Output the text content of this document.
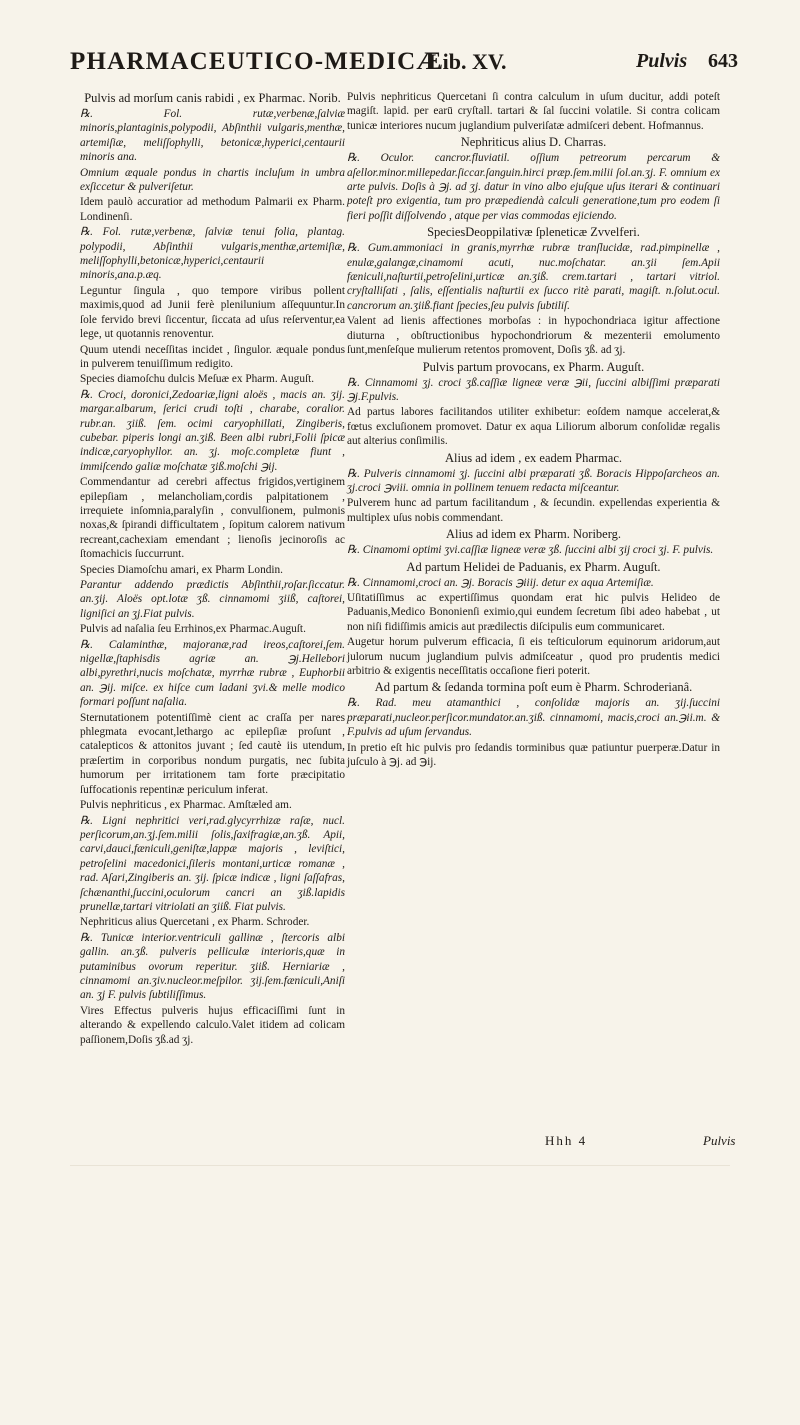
PHARMACEUTICO-MEDICÆ
Lib. XV.	Pulvis 643

Pulvis ad morſum canis rabidi , ex Pharmac. Norib.

℞. Fol. rutæ,verbenæ,ſalviæ minoris,plantaginis,polypodii, Abſinthii vulgaris,menthæ, artemiſiæ, meliſſophylli, betonicæ,hyperici,centaurii minoris ana.

Omnium æquale pondus in chartis incluſum in umbra exſiccetur & pulveriſetur.

Idem paulò accuratior ad methodum Palmarii ex Pharm. Londinenſi.

℞. Fol. rutæ,verbenæ, ſalviæ tenui folia, plantag. polypodii, Abſinthii vulgaris,menthæ,artemiſiæ, meliſſophylli,betonicæ,hyperici,centaurii minoris,ana.p.æq.

Leguntur ſingula , quo tempore viribus pollent maximis,quod ad Junii ferè plenilunium aſſequuntur.In ſole fervido brevi ſiccentur, ſiccata ad uſus reſerventur,ea lege, ut quotannis renoventur.

Quum utendi neceſſitas incidet , ſingulor. æquale pondus in pulverem tenuiſſimum redigito.

Species diamoſchu dulcis Meſuæ ex Pharm. Auguſt.

℞. Croci, doronici,Zedoariæ,ligni aloës , macis an. ʒij. margar.albarum, ſerici crudi toſti , charabe, coralior. rubr.an. ʒiiß. ſem. ocimi caryophillati, Zingiberis, cubebar. piperis longi an.ʒiß. Been albi rubri,Folii ſpicæ indicæ,caryophyllor. an. ʒj. moſc.completæ fiunt , immiſcendo galiæ moſchatæ ʒiß.moſchi ℈ij.

Commendantur ad cerebri affectus frigidos,vertiginem epilepſiam , melancholiam,cordis palpitationem , irrequiete inſomnia,paralyſin , convulſionem, pulmonis noxas,& ſpirandi difficultatem , ſopitum calorem nativum recreant,cachexiam emendant ; lienoſis jecinoroſis ac ſtomachicis ſuccurrunt.

Species Diamoſchu amari, ex Pharm Londin.

Parantur addendo prædictis Abſinthii,roſar.ſiccatur. an.ʒij. Aloës opt.lotæ ʒß. cinnamomi ʒiiß, caſtorei, ligniſici an ʒj.Fiat pulvis.

Pulvis ad naſalia ſeu Errhinos,ex Pharmac.Auguſt.

℞. Calaminthæ, majoranæ,rad ireos,caſtorei,ſem. nigellæ,ſtaphisdis agriæ an. ℈j.Hellebori albi,pyrethri,nucis moſchatæ, myrrhæ rubræ , Euphorbii an. ℈ij. miſce. ex hiſce cum ladani ʒvi.& melle modico formari poſſunt naſalia.

Sternutationem potentiſſimè cient ac craſſa per nares phlegmata evocant,lethargo ac epilepſiæ proſunt , catalepticos & attonitos juvant ; ſed cautè iis utendum, præſertim in corporibus nondum purgatis, nec ſubita humorum per irritationem tam forte præcipitatio ſuffocationis repentinæ periculum inferat.

Pulvis nephriticus , ex Pharmac. Amſtæled am.

℞. Ligni nephritici veri,rad.glycyrrhizæ raſæ, nucl. perſicorum,an.ʒj.ſem.milii ſolis,ſaxifragiæ,an.ʒß. Apii, carvi,dauci,fæniculi,geniſtæ,lappæ majoris , leviſtici, petroſelini macedonici,ſileris montani,urticæ romanæ , rad. Aſari,Zingiberis an. ʒij. ſpicæ indicæ , ligni ſaſſafras, ſchænanthi,ſuccini,oculorum cancri an ʒiß.lapidis prunellæ,tartari vitriolati an ʒiiß. Fiat pulvis.

Nephriticus alius Quercetani , ex Pharm. Schroder.

℞. Tunicæ interior.ventriculi gallinæ , ſtercoris albi gallin. an.ʒß. pulveris pelliculæ interioris,quæ in putaminibus ovorum reperitur. ʒiiß. Herniariæ , cinnamomi an.ʒiv.nucleor.meſpilor. ʒij.ſem.fæniculi,Aniſi an. ʒj F. pulvis ſubtiliſſimus.

Vires Effectus pulveris hujus efficaciſſimi ſunt in alterando & expellendo calculo.Valet itidem ad colicam paſſionem,Doſis ʒß.ad ʒj.

Pulvis nephriticus Quercetani ſi contra calculum in uſum ducitur, addi poteſt magiſt. lapid. per earū cryſtall. tartari & ſal ſuccini volatile. Si contra colicam tunicæ interiores nucum juglandium pulveriſatæ admiſceri debent. Hofmannus.

Nephriticus alius D. Charras.

℞. Oculor. cancror.fluviatil. oſſium petreorum percarum & aſellor.minor.millepedar.ſiccar.ſanguin.hirci præp.ſem.milii ſol.an.ʒj. F. omnium ex arte pulvis. Doſis à ℈j. ad ʒj. datur in vino albo ejuſque uſus iterari & continuari poteſt pro exigentia, tum pro præpediendà calculi generatione,tum pro eodem ſi fieri poſſit diſſolvendo , atque per vias commodas ejiciendo.

SpeciesDeoppilativæ ſpleneticæ Zvvelferi.

℞. Gum.ammoniaci in granis,myrrhæ rubræ tranſlucidæ, rad.pimpinellæ , enulæ,galangæ,cinamomi acuti, nuc.moſchatar. an.ʒii ſem.Apii fæniculi,naſturtii,petroſelini,urticæ an.ʒiß. crem.tartari , tartari vitriol. cryſtalliſati , ſalis, eſſentialis naſturtii ex ſucco ritè parati, magiſt. n.ſolut.ocul. cancrorum an.ʒiiß.fiant ſpecies,ſeu pulvis ſubtiliſ.

Valent ad lienis affectiones morboſas : in hypochondriaca igitur affectione diuturna , obſtructionibus hypochondriorum & mezenterii emolumento ſunt,menſeſque mulierum retentos promovent, Doſis ʒß. ad ʒj.

Pulvis partum provocans, ex Pharm. Auguſt.

℞. Cinnamomi ʒj. croci ʒß.caſſiæ ligneæ veræ ℈ii, ſuccini albiſſimi præparati ℈j.F.pulvis.

Ad partus labores facilitandos utiliter exhibetur: eoſdem namque accelerat,& fœtus excluſionem promovet. Datur ex aqua Liliorum alborum conſolidæ regalis aut alterius conſimilis.

Alius ad idem , ex eadem Pharmac.

℞. Pulveris cinnamomi ʒj. ſuccini albi præparati ʒß. Boracis Hippoſarcheos an. ʒj.croci ℈viii. omnia in pollinem tenuem redacta miſceantur.

Pulverem hunc ad partum facilitandum , & ſecundin. expellendas experientia & multiplex uſus nobis commendant.

Alius ad idem ex Pharm. Noriberg.

℞. Cinamomi optimi ʒvi.caſſiæ ligneæ veræ ʒß. ſuccini albi ʒij croci ʒj. F. pulvis.

Ad partum Helidei de Paduanis, ex Pharm. Auguſt.

℞. Cinnamomi,croci an. ℈j. Boracis ℈iiij. detur ex aqua Artemiſiæ.

Uſitatiſſimus ac expertiſſimus quondam erat hic pulvis Helideo de Paduanis,Medico Bononienſi eximio,qui eundem ſecretum ſibi adeo habebat , ut non niſi fidiſſimis amicis aut prædilectis diſcipulis eum communicaret.

Augetur horum pulverum efficacia, ſi eis teſticulorum equinorum aridorum,aut julorum nucum juglandium pulvis admiſceatur , quod pro prudentis medici arbitrio & exigentis neceſſitatis occaſione fieri poterit.

Ad partum & ſedanda tormina poſt eum è Pharm. Schroderianâ.

℞. Rad. meu atamanthici , conſolidæ majoris an. ʒij.ſuccini præparati,nucleor.perſicor.mundator.an.ʒiß. cinnamomi, macis,croci an.℈ii.m. & F.pulvis ad uſum ſervandus.

In pretio eſt hic pulvis pro ſedandis torminibus quæ patiuntur puerperæ.Datur in juſculo à ℈j. ad ℈ij.

Hhh 4	Pulvis
